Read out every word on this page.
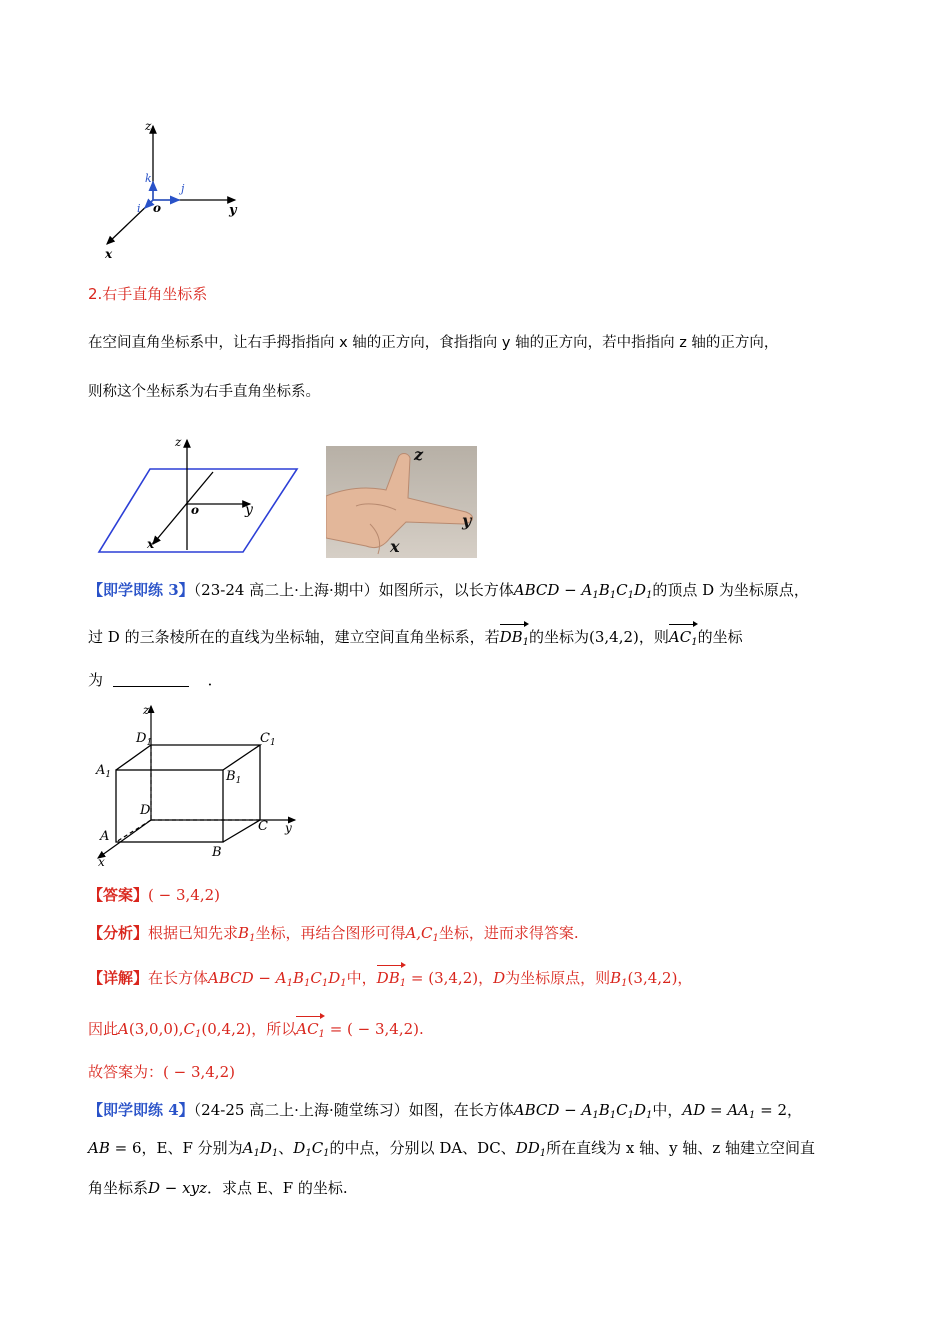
z
y
x
o
k
j
i
2.右手直角坐标系
在空间直角坐标系中，让右手拇指指向 x 轴的正方向，食指指向 y 轴的正方向，若中指指向 z 轴的正方向，
则称这个坐标系为右手直角坐标系。
z
y
x
o
z
y
x
【即学即练 3】（23-24 高二上·上海·期中）如图所示，以长方体ABCD − $A_1B_1C_1D_1$的顶点 D 为坐标原点，
过 D 的三条棱所在的直线为坐标轴，建立空间直角坐标系，若$DB_1$的坐标为(3,4,2)，则$AC_1$的坐标
为	．
z
y
x
$D_1$	$C_1$
$A_1$	$B_1$
D
C
A
B
【答案】( − 3,4,2)
【分析】根据已知先求$B_1$坐标，再结合图形可得$A,C_1$坐标，进而求得答案.
【详解】在长方体ABCD − $A_1B_1C_1D_1$中，$DB_1 = (3,4,2)$，D为坐标原点，则$B_1(3,4,2)$，
因此$A(3,0,0),C_1(0,4,2)$，所以$AC_1$ = ( − 3,4,2).
故答案为：( − 3,4,2)
【即学即练 4】（24-25 高二上·上海·随堂练习）如图，在长方体ABCD − $A_1B_1C_1D_1$中，AD = $AA_1 = 2$，
AB = 6，E、F 分别为$A_1D_1$、$D_1C_1$的中点，分别以 DA、DC、$DD_1$所在直线为 x 轴、y 轴、z 轴建立空间直
角坐标系D − xyz．求点 E、F 的坐标.
